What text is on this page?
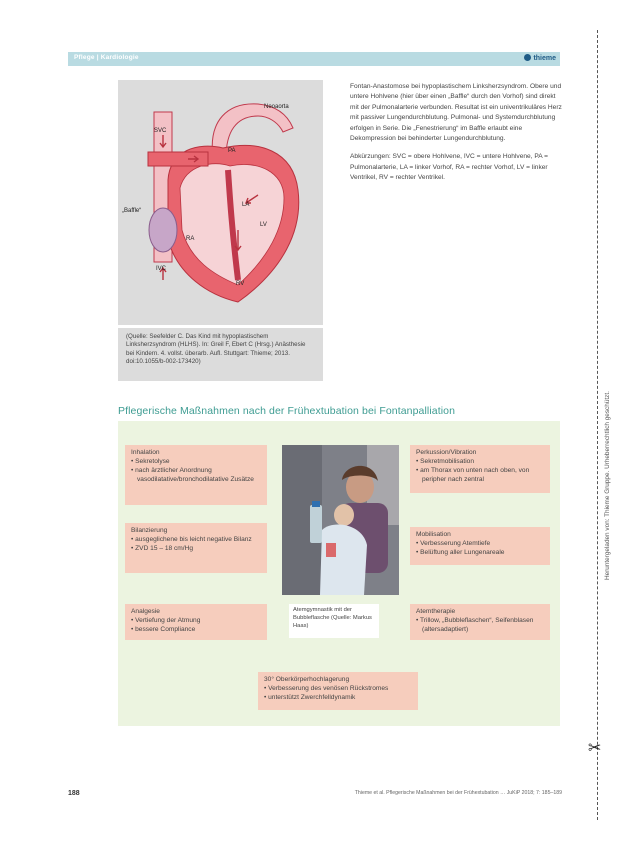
Pflege | Kardiologie	thieme
Neoaorta
SVC
PA
LA
LV
„Baffle“
RA
IVC
RV
(Quelle: Seefelder C. Das Kind mit hypoplastischem Linksherzsyndrom (HLHS). In: Greil F, Ebert C (Hrsg.) Anästhesie bei Kindern. 4. vollst. überarb. Aufl. Stuttgart: Thieme; 2013. doi:10.1055/b-002-173420)

Fontan-Anastomose bei hypoplastischem Linksherzsyndrom. Obere und untere Hohlvene (hier über einen „Baffle“ durch den Vorhof) sind direkt mit der Pulmonalarterie verbunden. Resultat ist ein univentrikuläres Herz mit passiver Lungendurchblutung. Pulmonal- und Systemdurchblutung erfolgen in Serie. Die „Fenestrierung“ im Baffle erlaubt eine Dekompression bei behinderter Lungendurchblutung.

Abkürzungen: SVC = obere Hohlvene, IVC = untere Hohlvene, PA = Pulmonalarterie, LA = linker Vorhof, RA = rechter Vorhof, LV = linker Ventrikel, RV = rechter Ventrikel.

Pflegerische Maßnahmen nach der Frühextubation bei Fontanpalliation
Inhalation
• Sekretolyse
• nach ärztlicher Anordnung vasodilatative/bronchodilatative Zusätze
Bilanzierung
• ausgeglichene bis leicht negative Bilanz
• ZVD 15 – 18 cm/Hg
Analgesie
• Vertiefung der Atmung
• bessere Compliance
Perkussion/Vibration
• Sekretmobilisation
• am Thorax von unten nach oben, von peripher nach zentral
Mobilisation
• Verbesserung Atemtiefe
• Belüftung aller Lungenareale
Atemtherapie
• Trillow, „Bubbleflaschen“, Seifenblasen (altersadaptiert)
30° Oberkörperhochlagerung
• Verbesserung des venösen Rückstromes
• unterstützt Zwerchfelldynamik
Atemgymnastik mit der Bubbleflasche (Quelle: Markus Haas)
Heruntergeladen von: Thieme Gruppe. Urheberrechtlich geschützt.
✂
188	Thieme et al. Pflegerische Maßnahmen bei der Frühextubation … JuKiP 2018; 7: 185–189
